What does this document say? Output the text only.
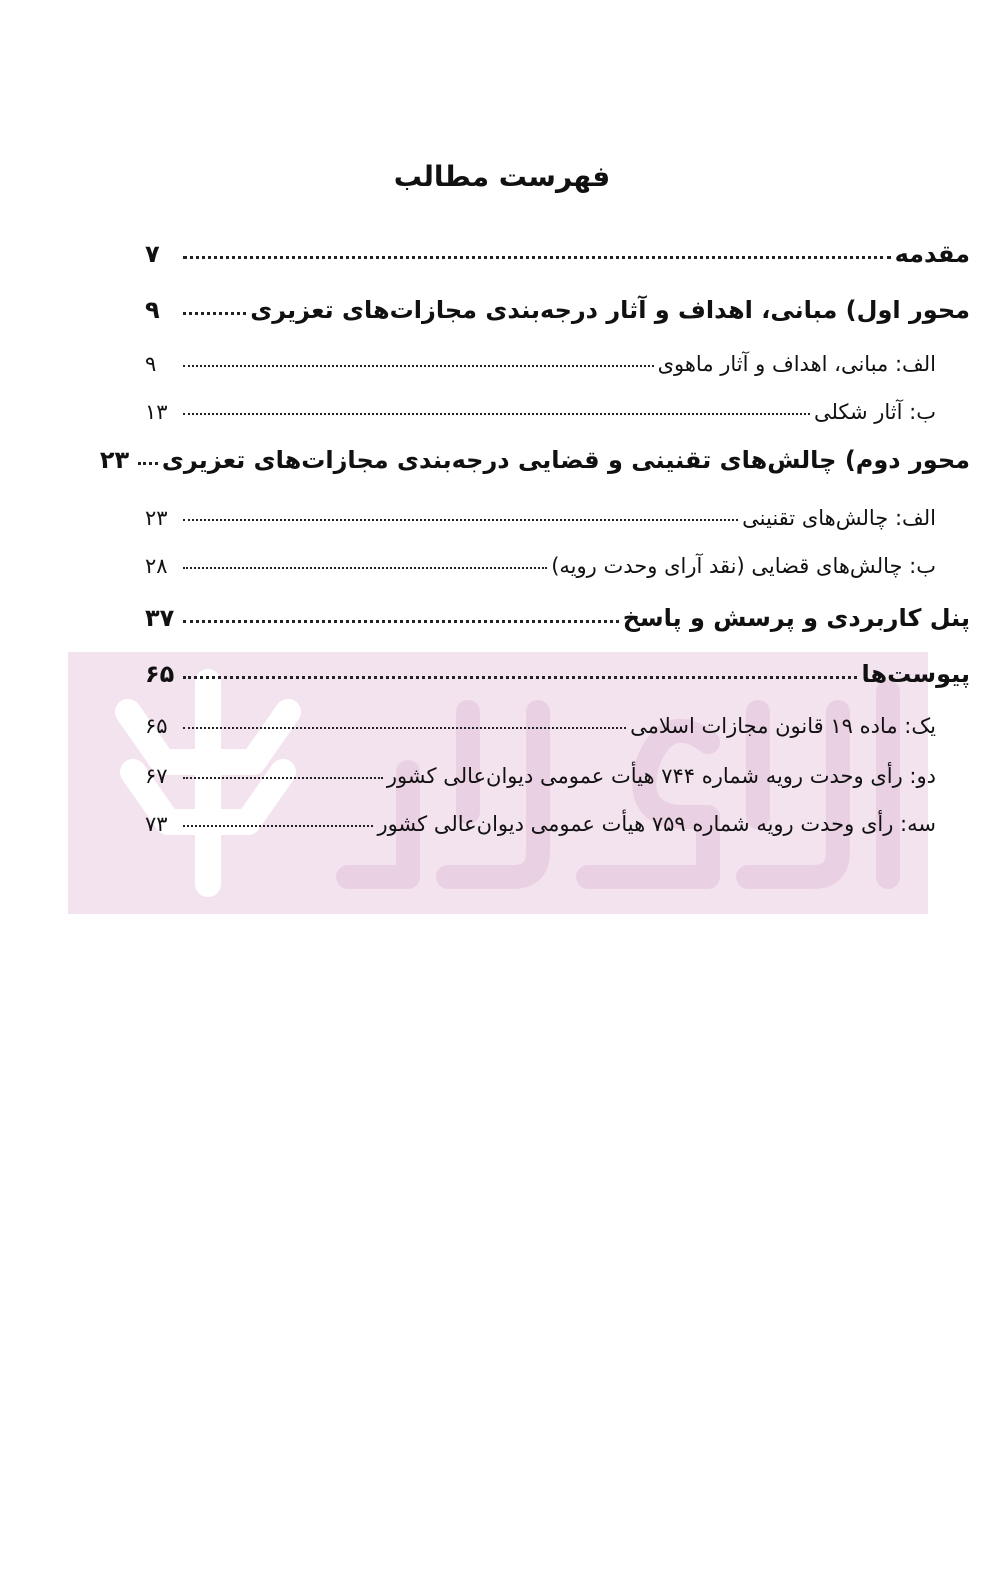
فهرست مطالب
مقدمه
۷
محور اول) مبانی، اهداف و آثار درجه‌بندی مجازات‌های تعزیری
۹
الف: مبانی، اهداف و آثار ماهوی
۹
ب: آثار شکلی
۱۳
محور دوم) چالش‌های تقنینی و قضایی درجه‌بندی مجازات‌های تعزیری
۲۳
الف: چالش‌های تقنینی
۲۳
ب: چالش‌های قضایی (نقد آرای وحدت رویه)
۲۸
پنل کاربردی و پرسش و پاسخ
۳۷
پیوست‌ها
۶۵
یک: ماده ۱۹ قانون مجازات اسلامی
۶۵
دو: رأی وحدت رویه شماره ۷۴۴ هیأت عمومی دیوان‌عالی کشور
۶۷
سه: رأی وحدت رویه شماره ۷۵۹ هیأت عمومی دیوان‌عالی کشور
۷۳
